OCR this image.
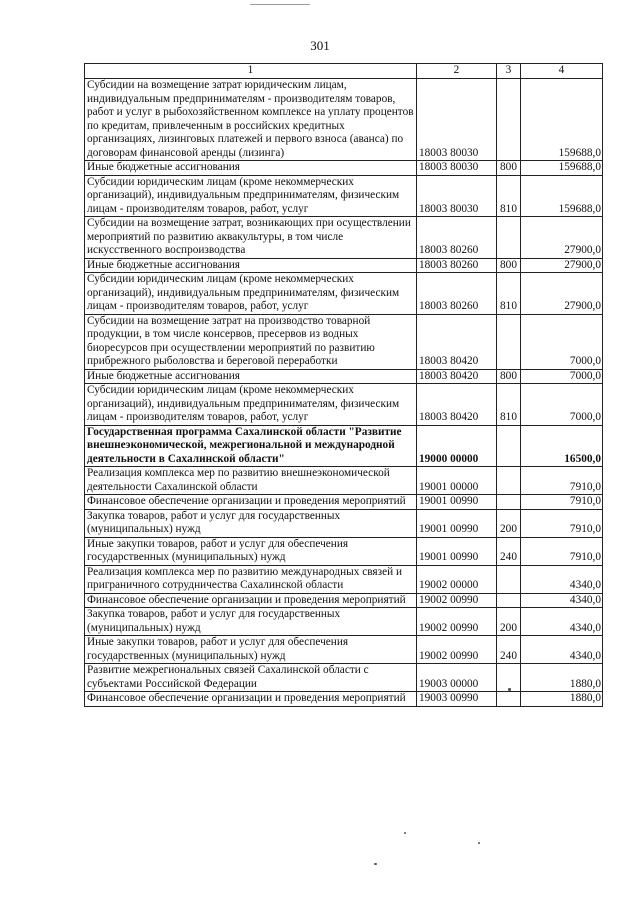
301
1	2	3	4
Субсидии на возмещение затрат юридическим лицам, индивидуальным предпринимателям - производителям товаров, работ и услуг в рыбохозяйственном комплексе на уплату процентов по кредитам, привлеченным в российских кредитных организациях, лизинговых платежей и первого взноса (аванса) по договорам финансовой аренды (лизинга)	18003 80030		159688,0
Иные бюджетные ассигнования	18003 80030	800	159688,0
Субсидии юридическим лицам (кроме некоммерческих организаций), индивидуальным предпринимателям, физическим лицам - производителям товаров, работ, услуг	18003 80030	810	159688,0
Субсидии на возмещение затрат, возникающих при осуществлении мероприятий по развитию аквакультуры, в том числе искусственного воспроизводства	18003 80260		27900,0
Иные бюджетные ассигнования	18003 80260	800	27900,0
Субсидии юридическим лицам (кроме некоммерческих организаций), индивидуальным предпринимателям, физическим лицам - производителям товаров, работ, услуг	18003 80260	810	27900,0
Субсидии на возмещение затрат на производство товарной продукции, в том числе консервов, пресервов из водных биоресурсов при осуществлении мероприятий по развитию прибрежного рыболовства и береговой переработки	18003 80420		7000,0
Иные бюджетные ассигнования	18003 80420	800	7000,0
Субсидии юридическим лицам (кроме некоммерческих организаций), индивидуальным предпринимателям, физическим лицам - производителям товаров, работ, услуг	18003 80420	810	7000,0
Государственная программа Сахалинской области "Развитие внешнеэкономической, межрегиональной и международной деятельности в Сахалинской области"	19000 00000		16500,0
Реализация комплекса мер по развитию внешнеэкономической деятельности Сахалинской области	19001 00000		7910,0
Финансовое обеспечение организации и проведения мероприятий	19001 00990		7910,0
Закупка товаров, работ и услуг для государственных (муниципальных) нужд	19001 00990	200	7910,0
Иные закупки товаров, работ и услуг для обеспечения государственных (муниципальных) нужд	19001 00990	240	7910,0
Реализация комплекса мер по развитию международных связей и приграничного сотрудничества Сахалинской области	19002 00000		4340,0
Финансовое обеспечение организации и проведения мероприятий	19002 00990		4340,0
Закупка товаров, работ и услуг для государственных (муниципальных) нужд	19002 00990	200	4340,0
Иные закупки товаров, работ и услуг для обеспечения государственных (муниципальных) нужд	19002 00990	240	4340,0
Развитие межрегиональных связей Сахалинской области с субъектами Российской Федерации	19003 00000		1880,0
Финансовое обеспечение организации и проведения мероприятий	19003 00990		1880,0
